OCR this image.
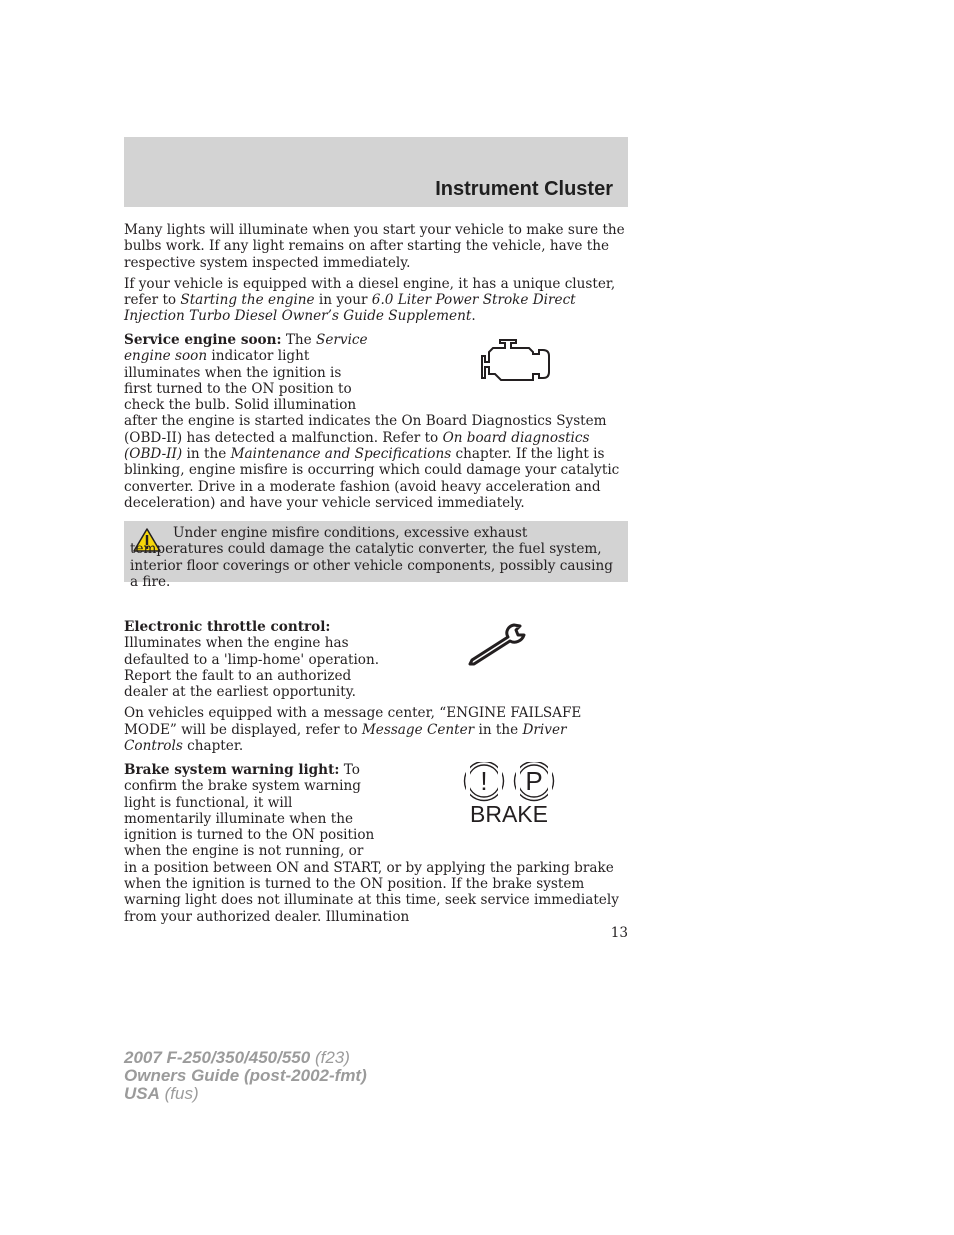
Instrument Cluster

Many lights will illuminate when you start your vehicle to make sure the bulbs work. If any light remains on after starting the vehicle, have the respective system inspected immediately.

If your vehicle is equipped with a diesel engine, it has a unique cluster, refer to Starting the engine in your 6.0 Liter Power Stroke Direct Injection Turbo Diesel Owner’s Guide Supplement.

Service engine soon: The Service engine soon indicator light illuminates when the ignition is first turned to the ON position to check the bulb. Solid illumination after the engine is started indicates the On Board Diagnostics System (OBD-II) has detected a malfunction. Refer to On board diagnostics (OBD-II) in the Maintenance and Specifications chapter. If the light is blinking, engine misfire is occurring which could damage your catalytic converter. Drive in a moderate fashion (avoid heavy acceleration and deceleration) and have your vehicle serviced immediately.

Under engine misfire conditions, excessive exhaust temperatures could damage the catalytic converter, the fuel system, interior floor coverings or other vehicle components, possibly causing a fire.

Electronic throttle control: Illuminates when the engine has defaulted to a 'limp-home' operation. Report the fault to an authorized dealer at the earliest opportunity.

On vehicles equipped with a message center, “ENGINE FAILSAFE MODE” will be displayed, refer to Message Center in the Driver Controls chapter.

Brake system warning light: To confirm the brake system warning light is functional, it will momentarily illuminate when the ignition is turned to the ON position when the engine is not running, or in a position between ON and START, or by applying the parking brake when the ignition is turned to the ON position. If the brake system warning light does not illuminate at this time, seek service immediately from your authorized dealer. Illumination

! P
BRAKE
13
2007 F-250/350/450/550 (f23)
Owners Guide (post-2002-fmt)
USA (fus)
